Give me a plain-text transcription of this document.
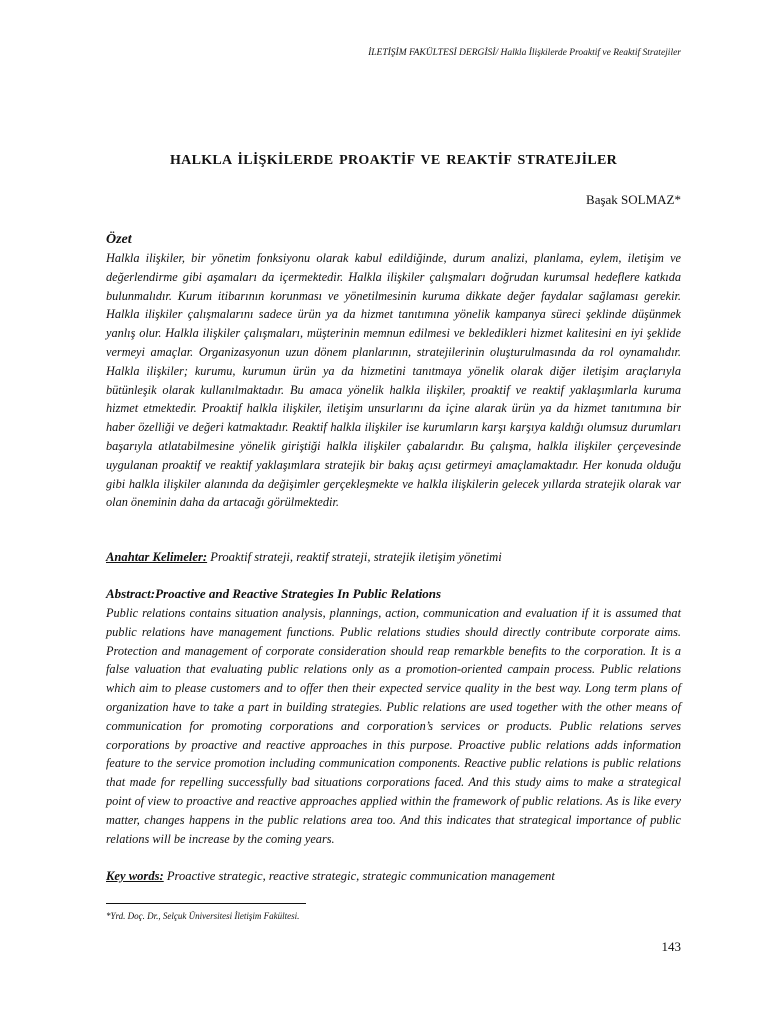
İLETİŞİM FAKÜLTESİ DERGİSİ/ Halkla İlişkilerde Proaktif ve Reaktif Stratejiler
HALKLA İLİŞKİLERDE PROAKTİF VE REAKTİF STRATEJİLER
Başak SOLMAZ*
Özet

Halkla ilişkiler, bir yönetim fonksiyonu olarak kabul edildiğinde, durum analizi, planlama, eylem, iletişim ve değerlendirme gibi aşamaları da içermektedir. Halkla ilişkiler çalışmaları doğrudan kurumsal hedeflere katkıda bulunmalıdır. Kurum itibarının korunması ve yönetilmesinin kuruma dikkate değer faydalar sağlaması gerekir. Halkla ilişkiler çalışmalarını sadece ürün ya da hizmet tanıtımına yönelik kampanya süreci şeklinde düşünmek yanlış olur. Halkla ilişkiler çalışmaları, müşterinin memnun edilmesi ve bekledikleri hizmet kalitesini en iyi şeklide vermeyi amaçlar. Organizasyonun uzun dönem planlarının, stratejilerinin oluşturulmasında da rol oynamalıdır. Halkla ilişkiler; kurumu, kurumun ürün ya da hizmetini tanıtmaya yönelik olarak diğer iletişim araçlarıyla bütünleşik olarak kullanılmaktadır. Bu amaca yönelik halkla ilişkiler, proaktif ve reaktif yaklaşımlarla kuruma hizmet etmektedir. Proaktif halkla ilişkiler, iletişim unsurlarını da içine alarak ürün ya da hizmet tanıtımına bir haber özelliği ve değeri katmaktadır. Reaktif halkla ilişkiler ise kurumların karşı karşıya kaldığı olumsuz durumları başarıyla atlatabilmesine yönelik giriştiği halkla ilişkiler çabalarıdır. Bu çalışma, halkla ilişkiler çerçevesinde uygulanan proaktif ve reaktif yaklaşımlara stratejik bir bakış açısı getirmeyi amaçlamaktadır. Her konuda olduğu gibi halkla ilişkiler alanında da değişimler gerçekleşmekte ve halkla ilişkilerin gelecek yıllarda stratejik olarak var olan öneminin daha da artacağı görülmektedir.

Anahtar Kelimeler: Proaktif strateji, reaktif strateji, stratejik iletişim yönetimi
Abstract:Proactive and Reactive Strategies In Public Relations

Public relations contains situation analysis, plannings, action, communication and evaluation if it is assumed that public relations have management functions. Public relations studies should directly contribute corporate aims. Protection and management of corporate consideration should reap remarkble benefits to the corporation. It is a false valuation that evaluating public relations only as a promotion-oriented campain process. Public relations which aim to please customers and to offer then their expected service quality in the best way. Long term plans of organization have to take a part in building strategies. Public relations are used together with the other means of communication for promoting corporations and corporation’s services or products. Public relations serves corporations by proactive and reactive approaches in this purpose. Proactive public relations adds information feature to the service promotion including communication components. Reactive public relations is public relations that made for repelling successfully bad situations corporations faced. And this study aims to make a strategical point of view to proactive and reactive approaches applied within the framework of public relations. As is like every matter, changes happens in the public relations area too. And this indicates that strategical importance of public relations will be increase by the coming years.

Key words: Proactive strategic, reactive strategic, strategic communication management
*Yrd. Doç. Dr., Selçuk Üniversitesi İletişim Fakültesi.
143
